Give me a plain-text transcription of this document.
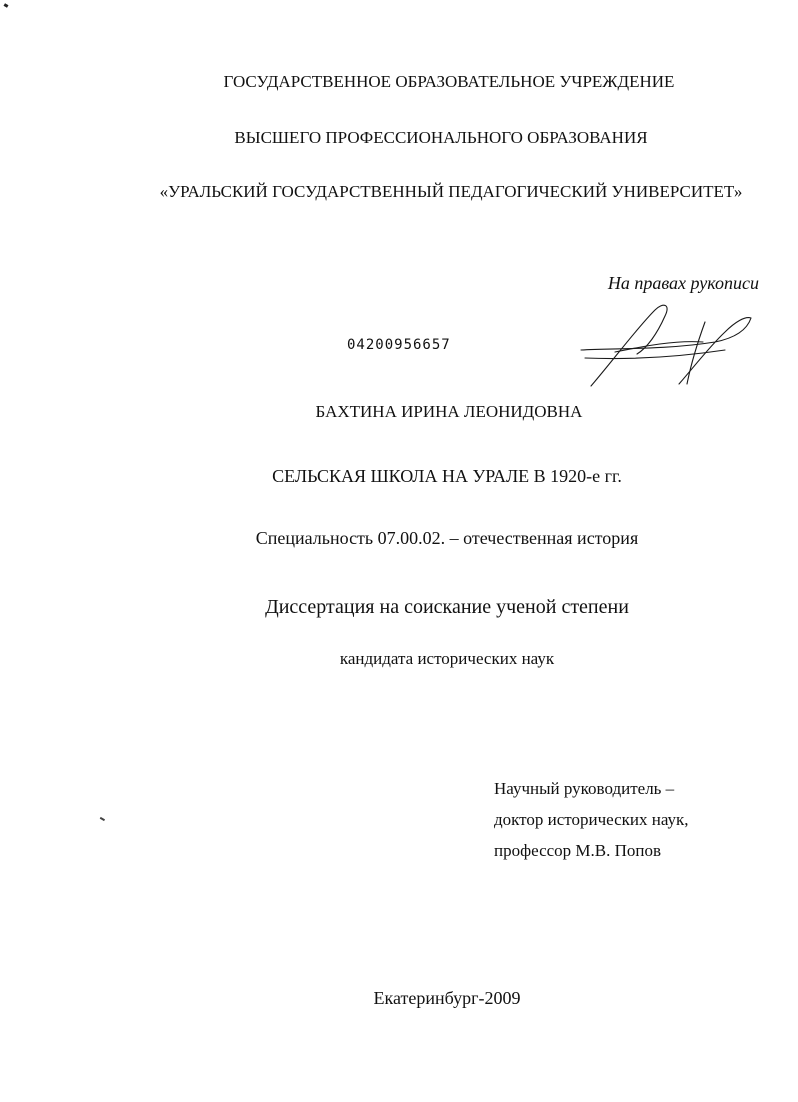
ГОСУДАРСТВЕННОЕ ОБРАЗОВАТЕЛЬНОЕ УЧРЕЖДЕНИЕ
ВЫСШЕГО ПРОФЕССИОНАЛЬНОГО ОБРАЗОВАНИЯ
«УРАЛЬСКИЙ ГОСУДАРСТВЕННЫЙ ПЕДАГОГИЧЕСКИЙ УНИВЕРСИТЕТ»
На правах рукописи
04200956657
БАХТИНА ИРИНА ЛЕОНИДОВНА
СЕЛЬСКАЯ ШКОЛА НА УРАЛЕ В 1920-е гг.
Специальность 07.00.02. – отечественная история
Диссертация на соискание ученой степени
кандидата исторических наук
Научный руководитель –
доктор исторических наук,
профессор М.В. Попов
Екатеринбург-2009
